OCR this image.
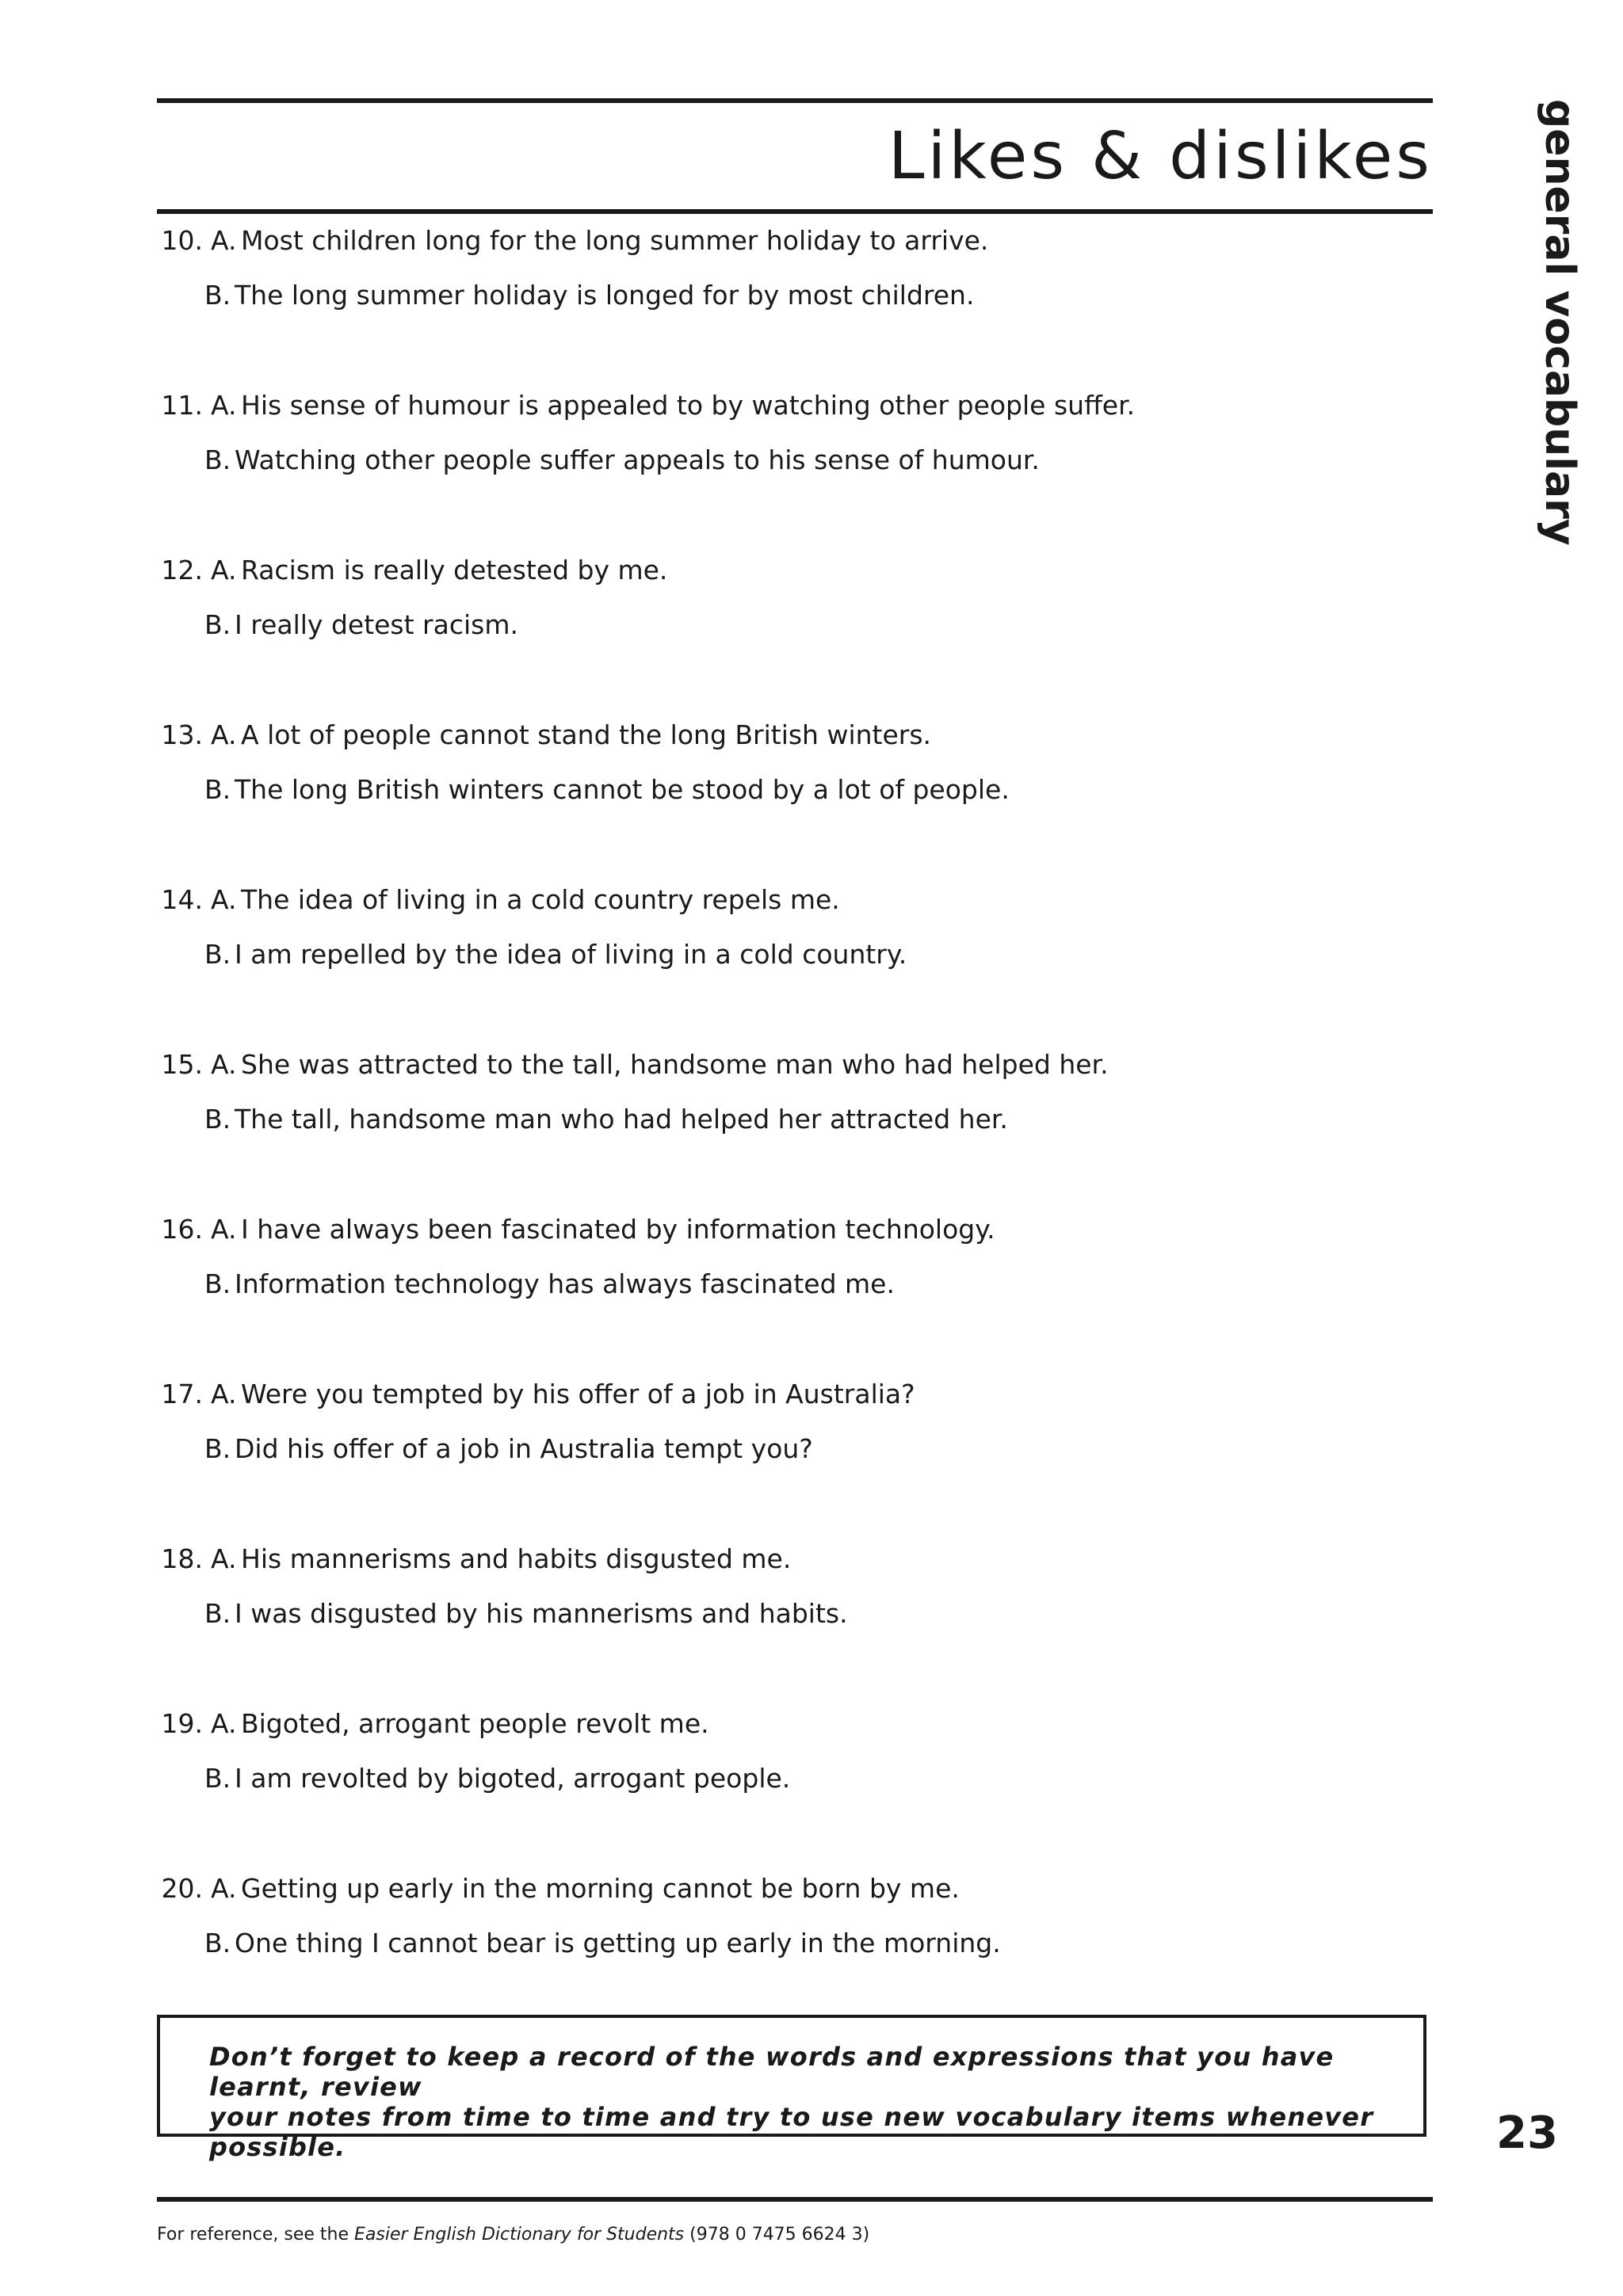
Likes & dislikes	general vocabulary
10. A. Most children long for the long summer holiday to arrive.
B. The long summer holiday is longed for by most children.
11. A. His sense of humour is appealed to by watching other people suffer.
B. Watching other people suffer appeals to his sense of humour.
12. A. Racism is really detested by me.
B. I really detest racism.
13. A. A lot of people cannot stand the long British winters.
B. The long British winters cannot be stood by a lot of people.
14. A. The idea of living in a cold country repels me.
B. I am repelled by the idea of living in a cold country.
15. A. She was attracted to the tall, handsome man who had helped her.
B. The tall, handsome man who had helped her attracted her.
16. A. I have always been fascinated by information technology.
B. Information technology has always fascinated me.
17. A. Were you tempted by his offer of a job in Australia?
B. Did his offer of a job in Australia tempt you?
18. A. His mannerisms and habits disgusted me.
B. I was disgusted by his mannerisms and habits.
19. A. Bigoted, arrogant people revolt me.
B. I am revolted by bigoted, arrogant people.
20. A. Getting up early in the morning cannot be born by me.
B. One thing I cannot bear is getting up early in the morning.
Don’t forget to keep a record of the words and expressions that you have learnt, review
your notes from time to time and try to use new vocabulary items whenever possible.	23
For reference, see the Easier English Dictionary for Students (978 0 7475 6624 3)
